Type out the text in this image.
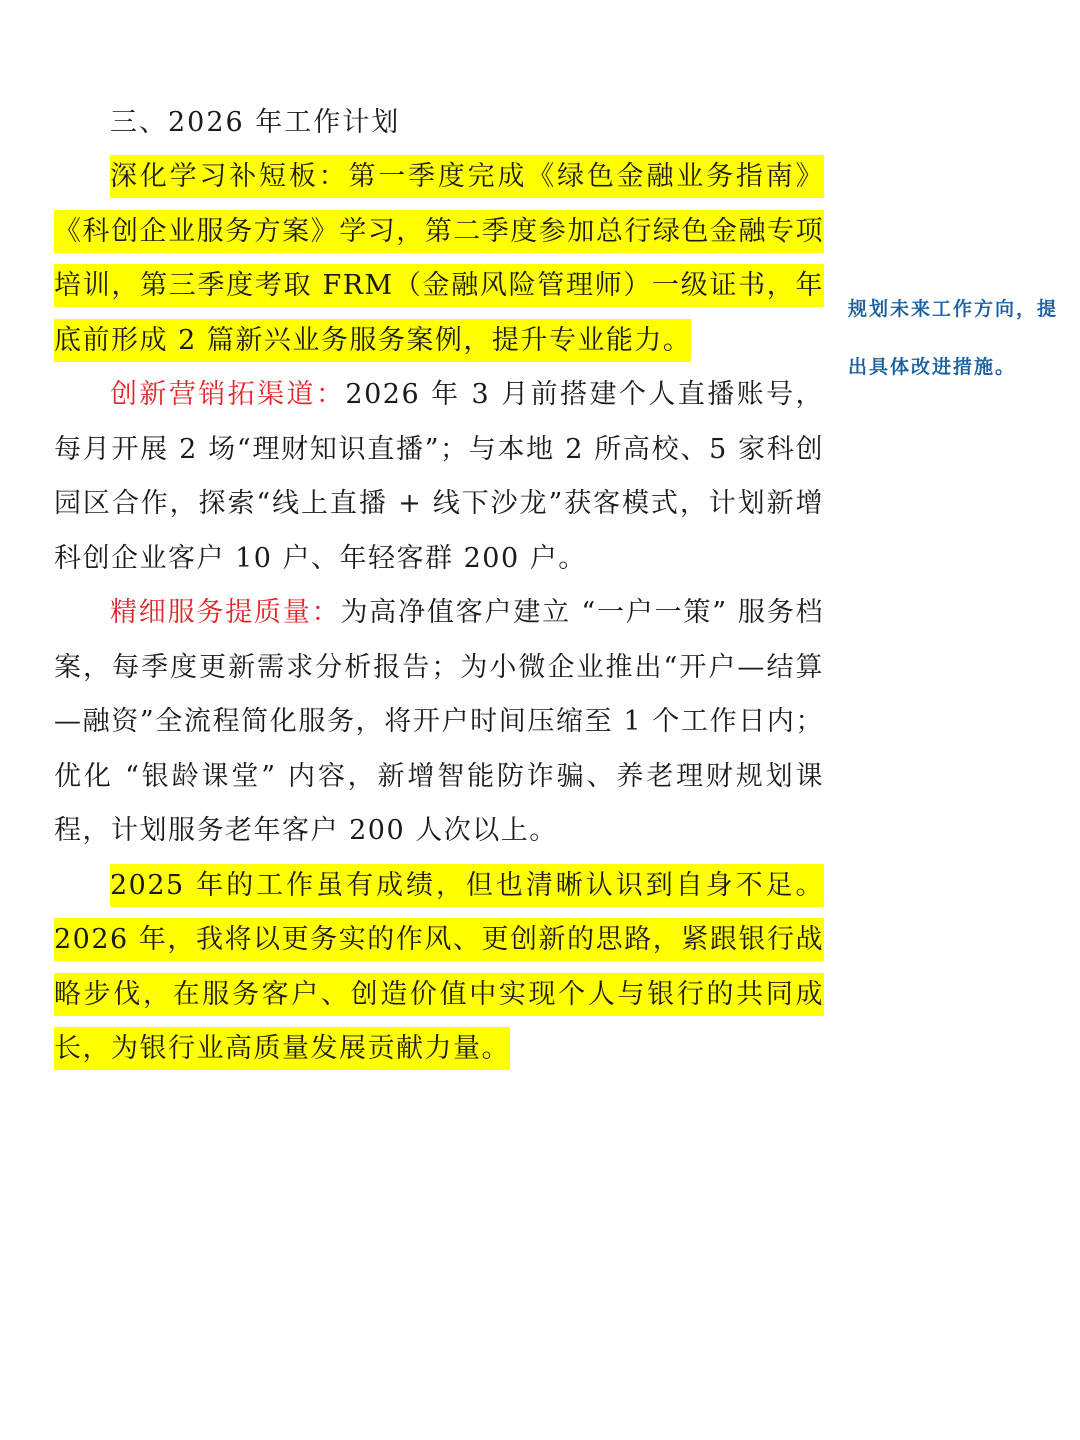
三、2026 年工作计划

深化学习补短板：第一季度完成《绿色金融业务指南》《科创企业服务方案》学习，第二季度参加总行绿色金融专项培训，第三季度考取 FRM（金融风险管理师）一级证书，年底前形成 2 篇新兴业务服务案例，提升专业能力。

创新营销拓渠道：2026 年 3 月前搭建个人直播账号，每月开展 2 场“理财知识直播”；与本地 2 所高校、5 家科创园区合作，探索“线上直播 + 线下沙龙”获客模式，计划新增科创企业客户 10 户、年轻客群 200 户。

精细服务提质量：为高净值客户建立 “一户一策” 服务档案，每季度更新需求分析报告；为小微企业推出“开户—结算—融资”全流程简化服务，将开户时间压缩至 1 个工作日内；优化 “银龄课堂” 内容，新增智能防诈骗、养老理财规划课程，计划服务老年客户 200 人次以上。

2025 年的工作虽有成绩，但也清晰认识到自身不足。2026 年，我将以更务实的作风、更创新的思路，紧跟银行战略步伐，在服务客户、创造价值中实现个人与银行的共同成长，为银行业高质量发展贡献力量。

规划未来工作方向，提出具体改进措施。
